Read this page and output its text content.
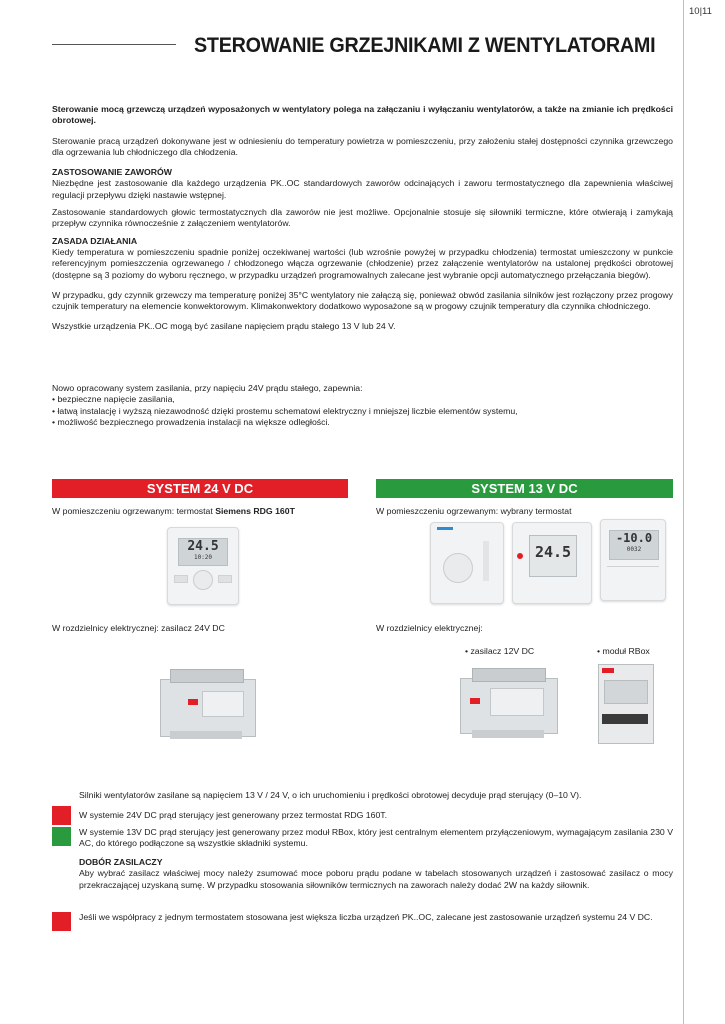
STEROWANIE GRZEJNIKAMI Z WENTYLATORAMI
10|11

Sterowanie mocą grzewczą urządzeń wyposażonych w wentylatory polega na załączaniu i wyłączaniu wentylatorów, a także na zmianie ich prędkości obrotowej.

Sterowanie pracą urządzeń dokonywane jest w odniesieniu do temperatury powietrza w pomieszczeniu, przy założeniu stałej dostępności czynnika grzewczego dla ogrzewania lub chłodniczego dla chłodzenia.

ZASTOSOWANIE ZAWORÓW

Niezbędne jest zastosowanie dla każdego urządzenia PK..OC standardowych zaworów odcinających i zaworu termostatycznego dla zapewnienia właściwej regulacji przepływu dzięki nastawie wstępnej.

Zastosowanie standardowych głowic termostatycznych dla zaworów nie jest możliwe. Opcjonalnie stosuje się siłowniki termiczne, które otwierają i zamykają przepływ czynnika równocześnie z załączeniem wentylatorów.

ZASADA DZIAŁANIA

Kiedy temperatura w pomieszczeniu spadnie poniżej oczekiwanej wartości (lub wzrośnie powyżej w przypadku chłodzenia) termostat umieszczony w punkcie referencyjnym pomieszczenia ogrzewanego / chłodzonego włącza ogrzewanie (chłodzenie) przez załączenie wentylatorów na ustalonej prędkości obrotowej (dostępne są 3 poziomy do wyboru ręcznego, w przypadku urządzeń programowalnych zalecane jest wybranie opcji automatycznego przełączania biegów).

W przypadku, gdy czynnik grzewczy ma temperaturę poniżej 35°C wentylatory nie załączą się, ponieważ obwód zasilania silników jest rozłączony przez progowy czujnik temperatury na elemencie konwektorowym. Klimakonwektory dodatkowo wyposażone są w progowy czujnik temperatury dla czynnika chłodniczego.

Wszystkie urządzenia PK..OC mogą być zasilane napięciem prądu stałego 13 V lub 24 V.

Nowo opracowany system zasilania, przy napięciu 24V prądu stałego, zapewnia:
• bezpieczne napięcie zasilania,
• łatwą instalację i wyższą niezawodność dzięki prostemu schematowi elektryczny i mniejszej liczbie elementów systemu,
• możliwość bezpiecznego prowadzenia instalacji na większe odległości.
SYSTEM 24 V DC	SYSTEM 13 V DC
W pomieszczeniu ogrzewanym: termostat Siemens RDG 160T
24.5
10:20
W rozdzielnicy elektrycznej: zasilacz 24V DC
W pomieszczeniu ogrzewanym: wybrany termostat
24.5
-10.0
0032
W rozdzielnicy elektrycznej:
• zasilacz 12V DC	• moduł RBox
Silniki wentylatorów zasilane są napięciem 13 V / 24 V, o ich uruchomieniu i prędkości obrotowej decyduje prąd sterujący (0–10 V).
W systemie 24V DC prąd sterujący jest generowany przez termostat RDG 160T.
W systemie 13V DC prąd sterujący jest generowany przez moduł RBox, który jest centralnym elementem przyłączeniowym, wymagającym zasilania 230 V AC, do którego podłączone są wszystkie składniki systemu.
DOBÓR ZASILACZY
Aby wybrać zasilacz właściwej mocy należy zsumować moce poboru prądu podane w tabelach stosowanych urządzeń i zastosować zasilacz o mocy przekraczającej uzyskaną sumę. W przypadku stosowania siłowników termicznych na zaworach należy dodać 2W na każdy siłownik.
Jeśli we współpracy z jednym termostatem stosowana jest większa liczba urządzeń PK..OC, zalecane jest zastosowanie urządzeń systemu 24 V DC.
